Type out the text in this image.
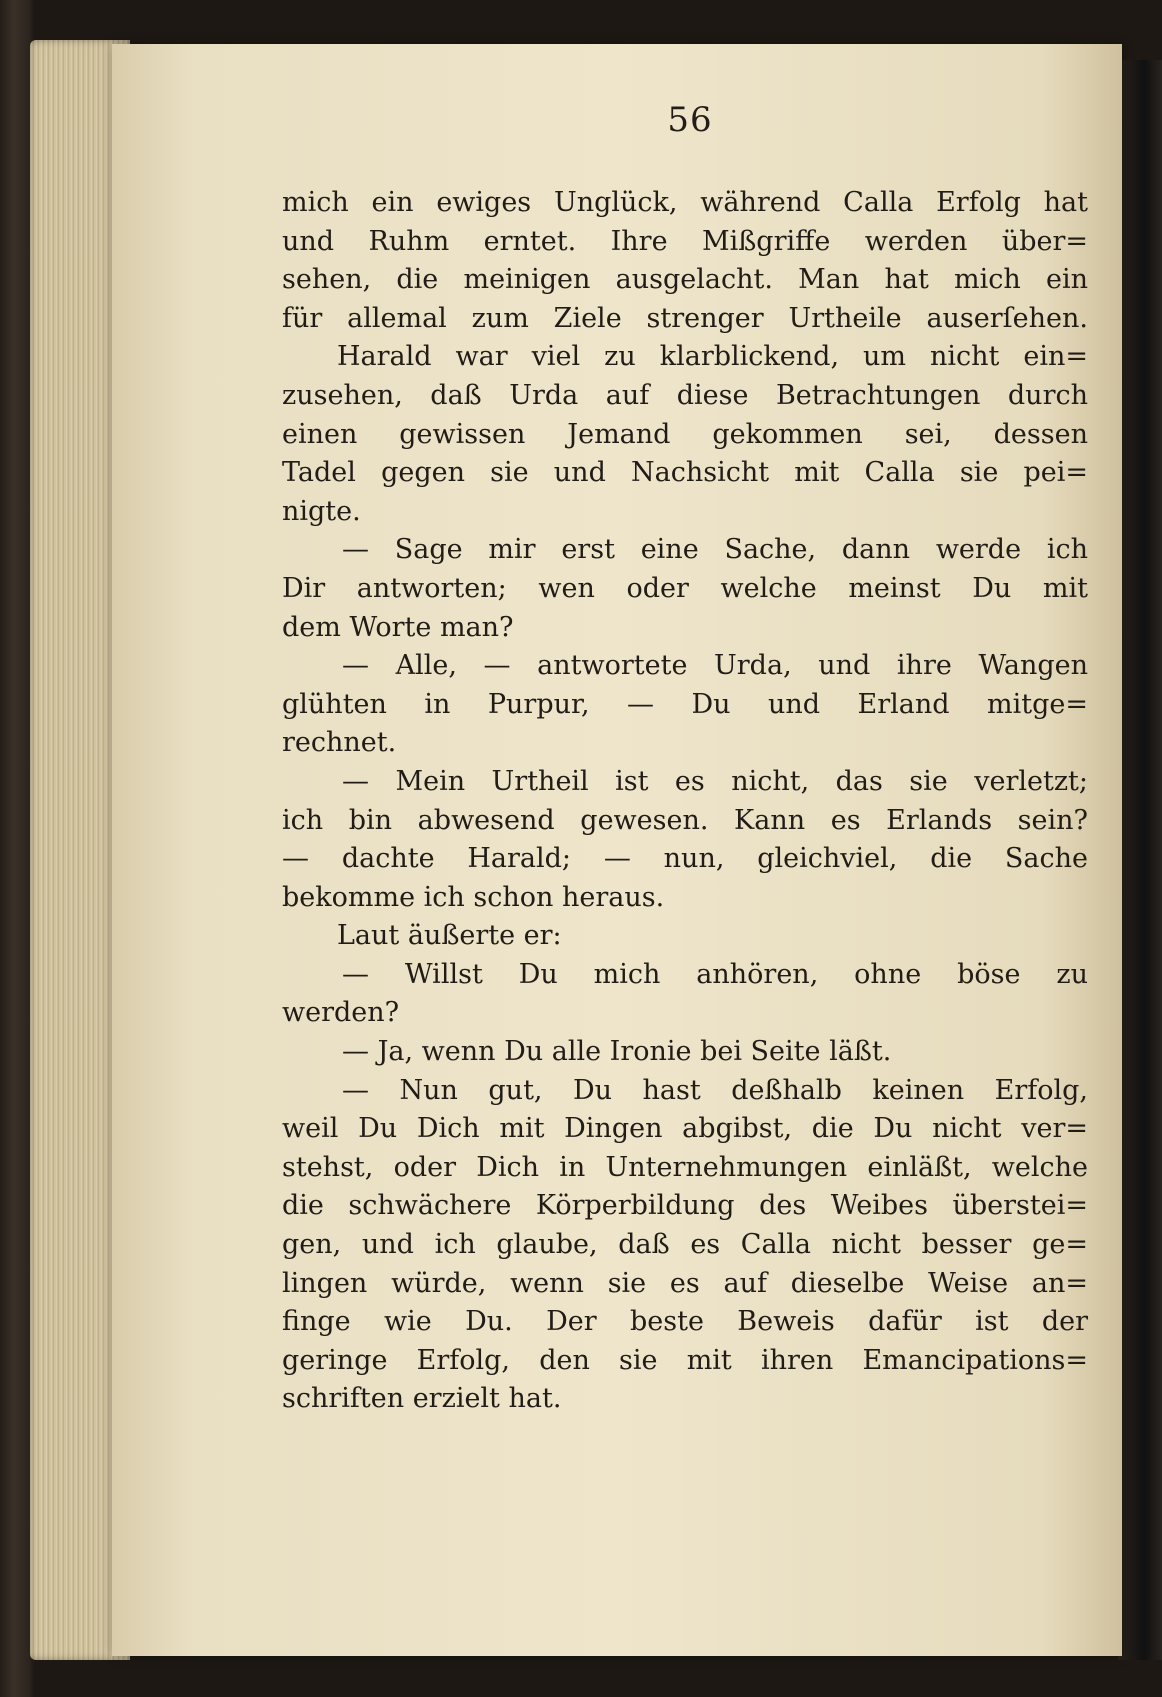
56
mich ein ewiges Unglück, während Calla Erfolg hat
und Ruhm erntet. Ihre Mißgriffe werden über=
sehen, die meinigen ausgelacht. Man hat mich ein
für allemal zum Ziele strenger Urtheile auserſehen.
Harald war viel zu klarblickend, um nicht ein=
zusehen, daß Urda auf diese Betrachtungen durch
einen gewissen Jemand gekommen sei, dessen
Tadel gegen sie und Nachsicht mit Calla sie pei=
nigte.
— Sage mir erst eine Sache, dann werde ich
Dir antworten; wen oder welche meinst Du mit
dem Worte man?
— Alle, — antwortete Urda, und ihre Wangen
glühten in Purpur, — Du und Erland mitge=
rechnet.
— Mein Urtheil ist es nicht, das sie verletzt;
ich bin abwesend gewesen. Kann es Erlands sein?
— dachte Harald; — nun, gleichviel, die Sache
bekomme ich schon heraus.
Laut äußerte er:
— Willst Du mich anhören, ohne böse zu
werden?
— Ja, wenn Du alle Ironie bei Seite läßt.
— Nun gut, Du hast deßhalb keinen Erfolg,
weil Du Dich mit Dingen abgibst, die Du nicht ver=
stehst, oder Dich in Unternehmungen einläßt, welche
die schwächere Körperbildung des Weibes überstei=
gen, und ich glaube, daß es Calla nicht besser ge=
lingen würde, wenn sie es auf dieselbe Weise an=
finge wie Du. Der beste Beweis dafür ist der
geringe Erfolg, den sie mit ihren Emancipations=
schriften erzielt hat.
